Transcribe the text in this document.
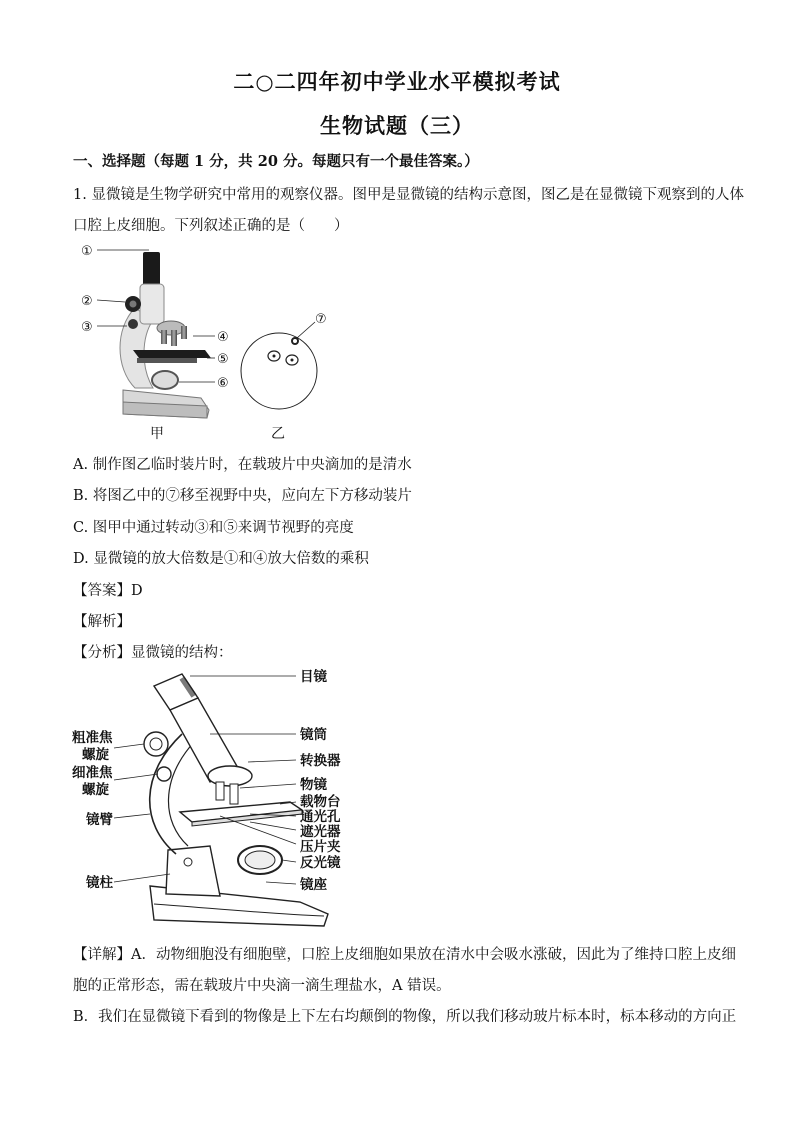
二○二四年初中学业水平模拟考试
生物试题（三）
一、选择题（每题 1 分，共 20 分。每题只有一个最佳答案。）
1. 显微镜是生物学研究中常用的观察仪器。图甲是显微镜的结构示意图，图乙是在显微镜下观察到的人体
口腔上皮细胞。下列叙述正确的是（　　）
①
②
③
④
⑤
⑥
⑦
甲	乙
A. 制作图乙临时装片时，在载玻片中央滴加的是清水
B. 将图乙中的⑦移至视野中央，应向左下方移动装片
C. 图甲中通过转动③和⑤来调节视野的亮度
D. 显微镜的放大倍数是①和④放大倍数的乘积
【答案】D
【解析】
【分析】显微镜的结构：
目镜
镜筒
转换器
物镜
载物台
通光孔
遮光器
压片夹
反光镜
镜座
粗准焦
螺旋
细准焦
螺旋
镜臂
镜柱
【详解】A．动物细胞没有细胞壁，口腔上皮细胞如果放在清水中会吸水涨破，因此为了维持口腔上皮细
胞的正常形态，需在载玻片中央滴一滴生理盐水，A 错误。
B．我们在显微镜下看到的物像是上下左右均颠倒的物像，所以我们移动玻片标本时，标本移动的方向正
